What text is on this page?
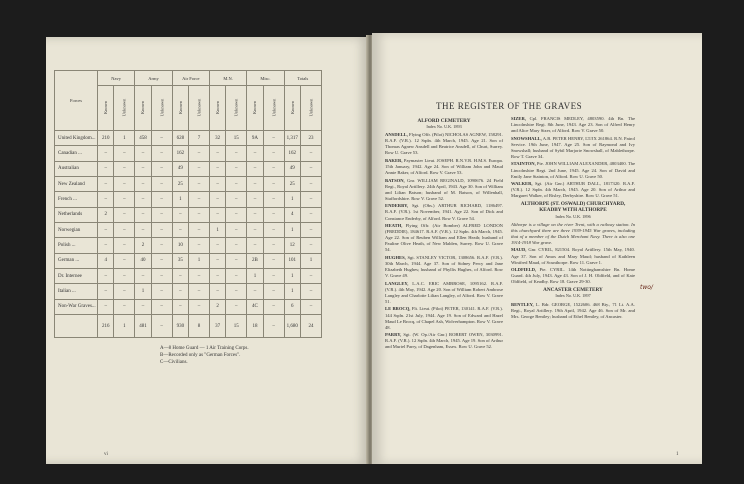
Forces	Navy		Army		Air Force		M.N.		Misc.		Totals	
	Known	Unknown	Known	Unknown	Known	Unknown	Known	Unknown	Known	Unknown	Known	Unknown
United Kingdom...	210	1	458	–	628	7	32	15	9A	–	1,317	23
Canadian ...	–	–	–	–	162	–	–	–	–	–	162	–
Australian	–	–	–	–	49	–	–	–	–	–	49	–
New Zealand	–	–	–	–	25	–	–	–	–	–	25	–
French ...	–	–	–	–	1	–	–	–	–	–	1	–
Netherlands	2	–	–	–	–	–	–	–	–	–	4	–
Norwegian	–	–	–	–	–	–	1	–	–	–	1	–
Polish ...	–	–	2	–	10	–	–	–	–	–	12	–
German ...	4	–	40	–	35	1	–	–	2B	–	101	1
Dr. Internee	–	–	–	–	–	–	–	–	1	–	1	–
Italian ...	–	–	1	–	–	–	–	–	–	–	1	–
Non-War Graves...	–	–	–	–	–	–	2	–	4C	–	6	–
	216	1	481	–	930	8	37	15	18	–	1,680	24
A—8 Home Guard — 1 Air Training Corps.
B—Recorded only as "German Forces".
C—Civilians.
vi
THE REGISTER OF THE GRAVES
ALFORD CEMETERY
Index No. U.K. 1893
ANSDELL, Flying Offr. (Pilot) NICHOLAS AGNEW, 158291. R.A.F. (V.R.). 12 Sqdn. 4th March, 1945. Age 21. Son of Thomas Agnew Ansdell and Beatrice Ansdell, of Churt, Surrey. Row U. Grave 53.
BAKER, Paymaster Lieut. JOSEPH. R.N.V.R. H.M.S. Europa. 15th January, 1942. Age 24. Son of William John and Maud Annie Baker, of Alford. Row V. Grave 53.
BATSON, Gnr. WILLIAM REGINALD, 1090676. 24 Field Regt., Royal Artillery. 24th April, 1943. Age 30. Son of William and Lilian Batson; husband of M. Batson, of Willenhall, Staffordshire. Row V. Grave 52.
ENDERBY, Sgt. (Obs.) ARTHUR RICHARD, 1186497. R.A.F. (V.R.). 1st November, 1941. Age 22. Son of Dick and Constance Enderby, of Alford. Row V. Grave 54.
HEATH, Flying Offr. (Air Bomber) ALFRED LONDON (FREDDIE), 184617. R.A.F. (V.R.). 12 Sqdn. 4th March, 1945. Age 22. Son of Reuben William and Ellen Heath; husband of Pauline Olive Heath, of New Malden, Surrey. Row U. Grave 54.
HUGHES, Sgt. STANLEY VICTOR, 1308656. R.A.F. (V.R.). 30th March, 1944. Age 37. Son of Sidney Percy and Jane Elizabeth Hughes; husband of Phyllis Hughes, of Alford. Row V. Grave 49.
LANGLEY, L.A.C. ERIC AMBROSE, 1095162. R.A.F. (V.R.). 4th May, 1942. Age 20. Son of William Robert Ambrose Langley and Charlotte Lilian Langley, of Alford. Row V. Grave 51.
LE BROCQ, Flt. Lieut. (Pilot) PETER, 130141. R.A.F. (V.R.). 144 Sqdn. 21st July, 1944. Age 19. Son of Edward and Hazel Maud Le Brocq, of Chapel Ash, Wolverhampton. Row V. Grave 48.
PARRY, Sgt. (W. Op./Air Gnr.) ROBERT OWEN, 3030991. R.A.F. (V.R.). 12 Sqdn. 4th March, 1945. Age 19. Son of Arthur and Muriel Parry, of Dagenham, Essex. Row U. Grave 52.
SIZER, Cpl. FRANCIS MEDLEY, 4803590. 4th Bn. The Lincolnshire Regt. 8th June, 1943. Age 23. Son of Alfred Henry and Alice Mary Sizer, of Alford. Row V. Grave 50.
SNOWSHALL, A.B. PETER HENRY, LT/JX 261864. R.N. Patrol Service. 19th June, 1947. Age 25. Son of Raymond and Ivy Snowshall; husband of Sybil Marjorie Snowshall, of Mablethorpe. Row T. Grave 34.
STAINTON, Pte. JOHN WILLIAM ALEXANDER, 4803400. The Lincolnshire Regt. 2nd June, 1945. Age 24. Son of David and Emily Jane Stainton, of Alford. Row U. Grave 50.
WALKER, Sgt. (Air Gnr.) ARTHUR DALL, 1817320. R.A.F. (V.R.). 12 Sqdn. 4th March, 1945. Age 20. Son of Arthur and Margaret Walker, of Risley, Derbyshire. Row U. Grave 51.
ALTHORPE (ST. OSWALD) CHURCHYARD, KEADBY WITH ALTHORPE
Index No. U.K. 1896
Althorpe is a village on the river Trent, with a railway station. In this churchyard there are three 1939-1945 War graves, including that of a member of the Dutch Merchant Navy. There is also one 1914-1918 War grave.
MAUD, Gnr. CYRIL, 821504. Royal Artillery. 15th May, 1940. Age 37. Son of Amos and Mary Maud; husband of Kathleen Winifred Maud, of Scunthorpe. Row 11. Grave 1.
OLDFIELD, Pte. CYRIL. 14th Nottinghamshire Bn. Home Guard. 4th July, 1943. Age 43. Son of J. H. Oldfield, and of Kate Oldfield, of Keadby. Row 18. Grave 29-30.
ANCASTER CEMETERY
Index No. U.K. 1897
BENTLEY, L. Bdr. GEORGE, 1522606. 468 Bty., 71 Lt. A.A. Regt., Royal Artillery. 19th April, 1942. Age 46. Son of Mr. and Mrs. George Bentley; husband of Ethel Bentley, of Ancaster.
1
two/
